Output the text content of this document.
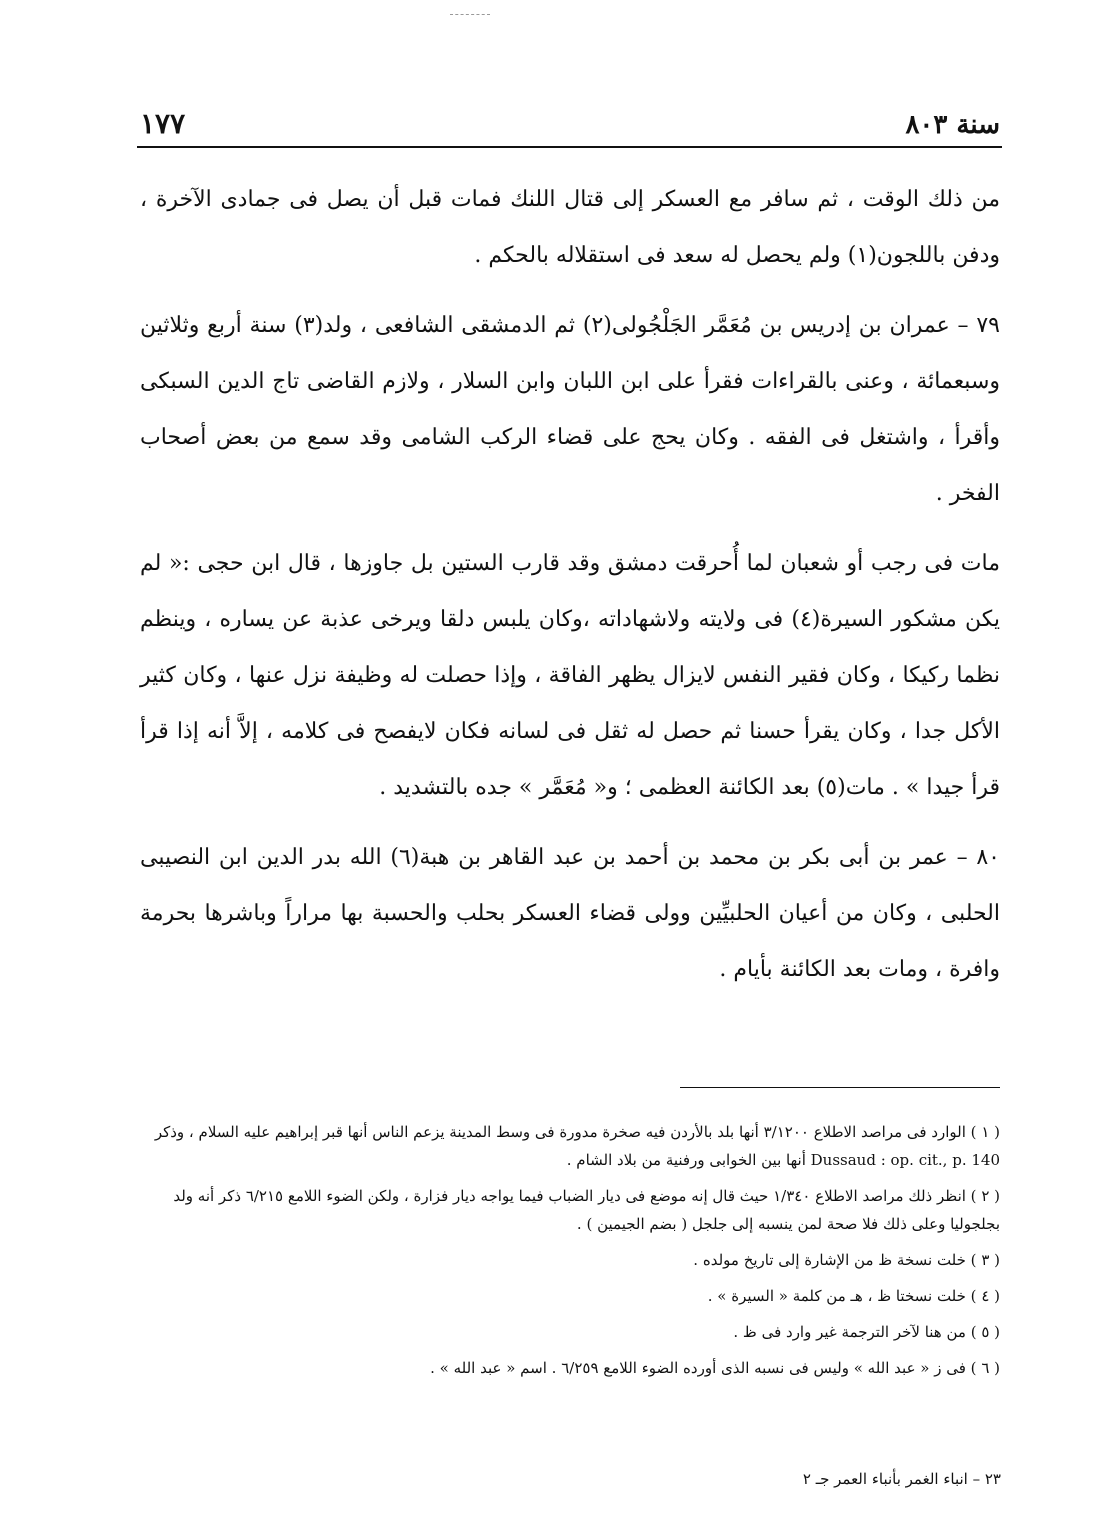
١٧٧	سنة ٨٠٣

من ذلك الوقت ، ثم سافر مع العسكر إلى قتال اللنك فمات قبل أن يصل فى جمادى الآخرة ، ودفن باللجون(١) ولم يحصل له سعد فى استقلاله بالحكم .

٧٩ – عمران بن إدريس بن مُعَمَّر الجَلْجُولى(٢) ثم الدمشقى الشافعى ، ولد(٣) سنة أربع وثلاثين وسبعمائة ، وعنى بالقراءات فقرأ على ابن اللبان وابن السلار ، ولازم القاضى تاج الدين السبكى وأقرأ ، واشتغل فى الفقه . وكان يحج على قضاء الركب الشامى وقد سمع من بعض أصحاب الفخر .

مات فى رجب أو شعبان لما أُحرقت دمشق وقد قارب الستين بل جاوزها ، قال ابن حجى :« لم يكن مشكور السيرة(٤) فى ولايته ولاشهاداته ،وكان يلبس دلقا ويرخى عذبة عن يساره ، وينظم نظما ركيكا ، وكان فقير النفس لايزال يظهر الفاقة ، وإذا حصلت له وظيفة نزل عنها ، وكان كثير الأكل جدا ، وكان يقرأ حسنا ثم حصل له ثقل فى لسانه فكان لايفصح فى كلامه ، إلاَّ أنه إذا قرأ قرأ جيدا » . مات(٥) بعد الكائنة العظمى ؛ و« مُعَمَّر » جده بالتشديد .

٨٠ – عمر بن أبى بكر بن محمد بن أحمد بن عبد القاهر بن هبة(٦) الله بدر الدين ابن النصيبى الحلبى ، وكان من أعيان الحلبيِّين وولى قضاء العسكر بحلب والحسبة بها مراراً وباشرها بحرمة وافرة ، ومات بعد الكائنة بأيام .

( ١ ) الوارد فى مراصد الاطلاع ٣/١٢٠٠ أنها بلد بالأردن فيه صخرة مدورة فى وسط المدينة يزعم الناس أنها قبر إبراهيم عليه السلام ، وذكر Dussaud : op. cit., p. 140 أنها بين الخوابى ورفنية من بلاد الشام .

( ٢ ) انظر ذلك مراصد الاطلاع ١/٣٤٠ حيث قال إنه موضع فى ديار الضباب فيما يواجه ديار فزارة ، ولكن الضوء اللامع ٦/٢١٥ ذكر أنه ولد بجلجوليا وعلى ذلك فلا صحة لمن ينسبه إلى جلجل ( بضم الجيمين ) .

( ٣ ) خلت نسخة ظ من الإشارة إلى تاريخ مولده .

( ٤ ) خلت نسختا ظ ، هـ من كلمة « السيرة » .

( ٥ ) من هنا لآخر الترجمة غير وارد فى ظ .

( ٦ ) فى ز « عبد الله » وليس فى نسبه الذى أورده الضوء اللامع ٦/٢٥٩ . اسم « عبد الله » .

٢٣ – انباء الغمر بأنباء العمر جـ ٢
